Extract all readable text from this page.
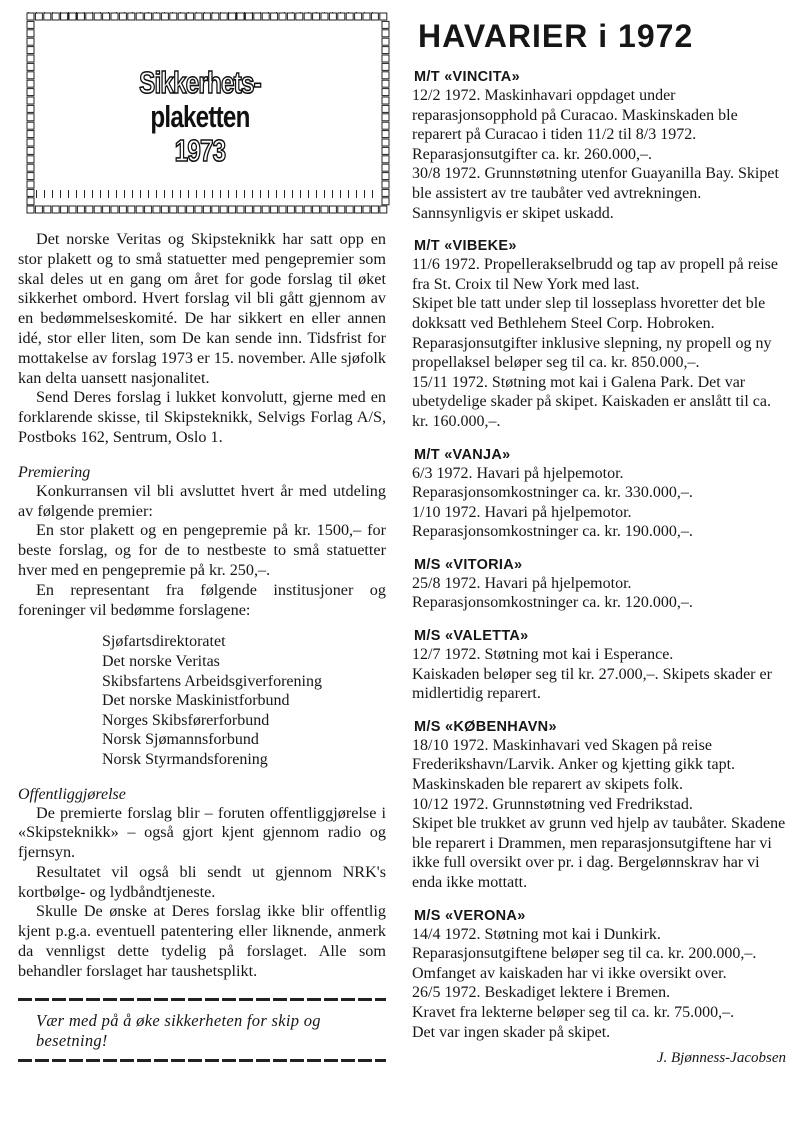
Sikkerhets-
plaketten
1973

Det norske Veritas og Skipsteknikk har satt opp en stor plakett og to små statuetter med pengepremier som skal deles ut en gang om året for gode forslag til øket sikkerhet ombord. Hvert forslag vil bli gått gjennom av en bedømmelseskomité. De har sikkert en eller annen idé, stor eller liten, som De kan sende inn. Tidsfrist for mottakelse av forslag 1973 er 15. november. Alle sjøfolk kan delta uansett nasjonalitet.

Send Deres forslag i lukket konvolutt, gjerne med en forklarende skisse, til Skipsteknikk, Selvigs Forlag A/S, Postboks 162, Sentrum, Oslo 1.

Premiering

Konkurransen vil bli avsluttet hvert år med utdeling av følgende premier:

En stor plakett og en pengepremie på kr. 1500,– for beste forslag, og for de to nestbeste to små statuetter hver med en pengepremie på kr. 250,–.

En representant fra følgende institusjoner og foreninger vil bedømme forslagene:

Sjøfartsdirektoratet
Det norske Veritas
Skibsfartens Arbeidsgiverforening
Det norske Maskinistforbund
Norges Skibsførerforbund
Norsk Sjømannsforbund
Norsk Styrmandsforening

Offentliggjørelse

De premierte forslag blir – foruten offentliggjørelse i «Skipsteknikk» – også gjort kjent gjennom radio og fjernsyn.

Resultatet vil også bli sendt ut gjennom NRK's kortbølge- og lydbåndtjeneste.

Skulle De ønske at Deres forslag ikke blir offentlig kjent p.g.a. eventuell patentering eller liknende, anmerk da vennligst dette tydelig på forslaget. Alle som behandler forslaget har taushetsplikt.

Vær med på å øke sikkerheten for skip og besetning!

HAVARIER i 1972

M/T «VINCITA»

12/2 1972. Maskinhavari oppdaget under reparasjonsopphold på Curacao. Maskinskaden ble reparert på Curacao i tiden 11/2 til 8/3 1972. Reparasjonsutgifter ca. kr. 260.000,–.

30/8 1972. Grunnstøtning utenfor Guayanilla Bay. Skipet ble assistert av tre taubåter ved avtrekningen. Sannsynligvis er skipet uskadd.

M/T «VIBEKE»

11/6 1972. Propellerakselbrudd og tap av propell på reise fra St. Croix til New York med last.

Skipet ble tatt under slep til losseplass hvoretter det ble dokksatt ved Bethlehem Steel Corp. Hobroken. Reparasjonsutgifter inklusive slepning, ny propell og ny propellaksel beløper seg til ca. kr. 850.000,–.

15/11 1972. Støtning mot kai i Galena Park. Det var ubetydelige skader på skipet. Kaiskaden er anslått til ca. kr. 160.000,–.

M/T «VANJA»

6/3 1972. Havari på hjelpemotor.

Reparasjonsomkostninger ca. kr. 330.000,–.

1/10 1972. Havari på hjelpemotor.

Reparasjonsomkostninger ca. kr. 190.000,–.

M/S «VITORIA»

25/8 1972. Havari på hjelpemotor.

Reparasjonsomkostninger ca. kr. 120.000,–.

M/S «VALETTA»

12/7 1972. Støtning mot kai i Esperance.

Kaiskaden beløper seg til kr. 27.000,–. Skipets skader er midlertidig reparert.

M/S «KØBENHAVN»

18/10 1972. Maskinhavari ved Skagen på reise Frederikshavn/Larvik. Anker og kjetting gikk tapt. Maskinskaden ble reparert av skipets folk.

10/12 1972. Grunnstøtning ved Fredrikstad.

Skipet ble trukket av grunn ved hjelp av taubåter. Skadene ble reparert i Drammen, men reparasjonsutgiftene har vi ikke full oversikt over pr. i dag. Bergelønnskrav har vi enda ikke mottatt.

M/S «VERONA»

14/4 1972. Støtning mot kai i Dunkirk.

Reparasjonsutgiftene beløper seg til ca. kr. 200.000,–.

Omfanget av kaiskaden har vi ikke oversikt over.

26/5 1972. Beskadiget lektere i Bremen.

Kravet fra lekterne beløper seg til ca. kr. 75.000,–.

Det var ingen skader på skipet.

J. Bjønness-Jacobsen
